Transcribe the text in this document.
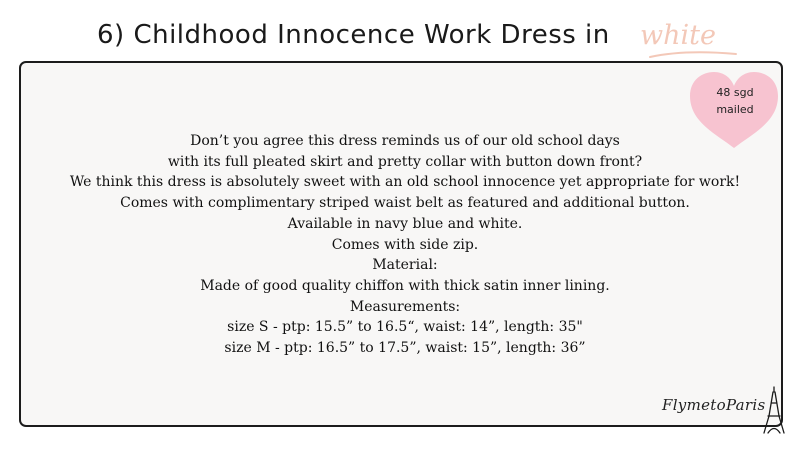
6) Childhood Innocence Work Dress in white
48 sgd
mailed
Don’t you agree this dress reminds us of our old school days
with its full pleated skirt and pretty collar with button down front?
We think this dress is absolutely sweet with an old school innocence yet appropriate for work!
Comes with complimentary striped waist belt as featured and additional button.
Available in navy blue and white.
Comes with side zip.
Material:
Made of good quality chiffon with thick satin inner lining.
Measurements:
size S - ptp: 15.5” to 16.5“, waist: 14”, length: 35"
size M - ptp: 16.5” to 17.5”, waist: 15”, length: 36”
FlymetoParis
